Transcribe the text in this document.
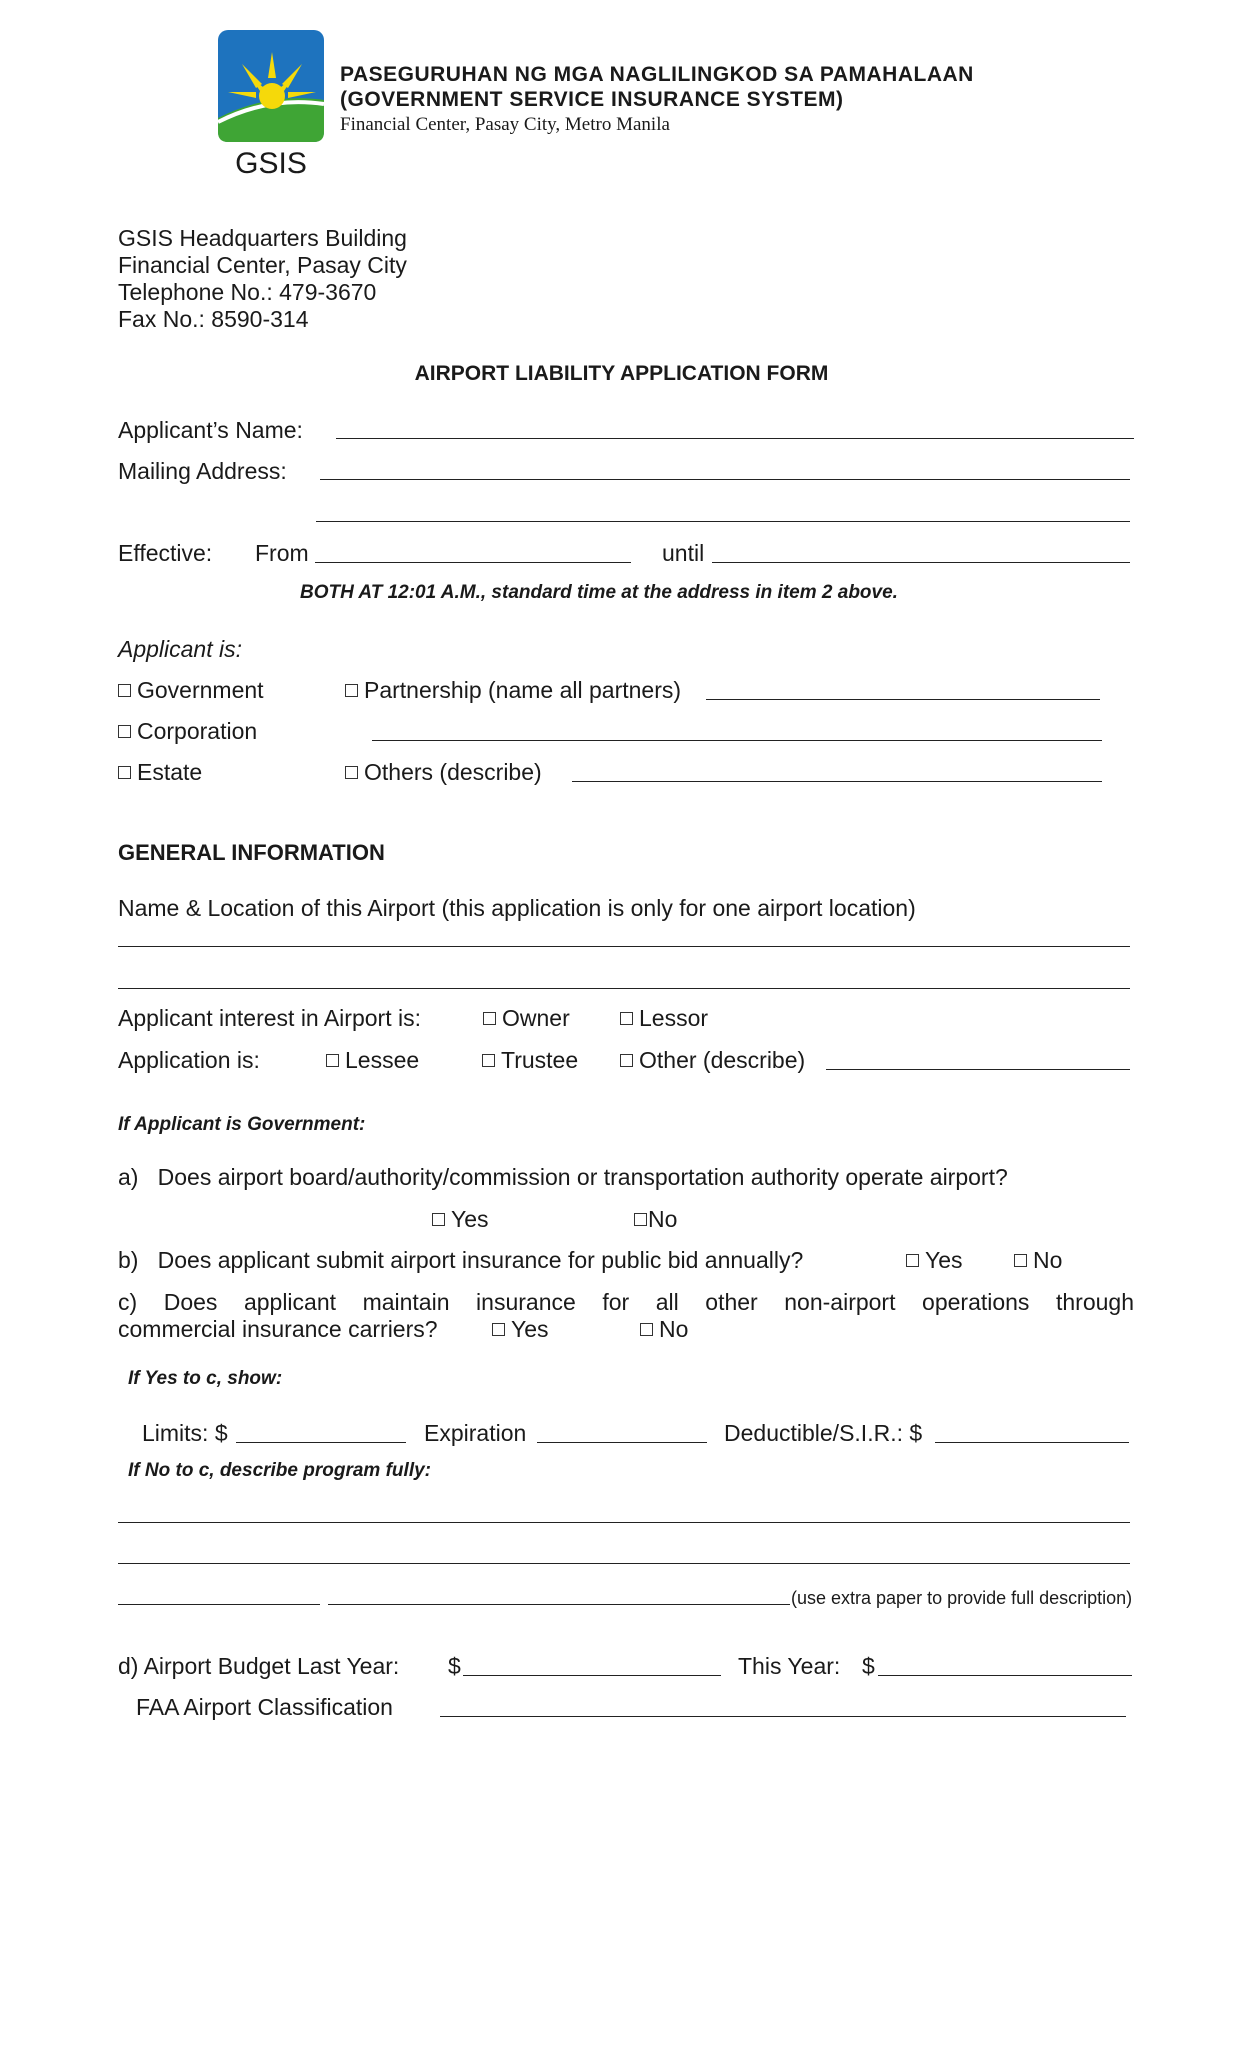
GSIS
PASEGURUHAN NG MGA NAGLILINGKOD SA PAMAHALAAN
(GOVERNMENT SERVICE INSURANCE SYSTEM)
Financial Center, Pasay City, Metro Manila
GSIS Headquarters Building
Financial Center, Pasay City
Telephone No.: 479-3670
Fax No.: 8590-314
AIRPORT LIABILITY APPLICATION FORM
Applicant’s Name:
Mailing Address:
Effective: From	until
BOTH AT 12:01 A.M., standard time at the address in item 2 above.
Applicant is:
Government	Partnership (name all partners)
Corporation
Estate	Others (describe)
GENERAL INFORMATION
Name & Location of this Airport (this application is only for one airport location)
Applicant interest in Airport is:	Owner	Lessor
Application is:	Lessee	Trustee	Other (describe)
If Applicant is Government:
a)   Does airport board/authority/commission or transportation authority operate airport?
Yes	No
b)   Does applicant submit airport insurance for public bid annually?	Yes	No
c) Does applicant maintain insurance for all other non-airport operations through
commercial insurance carriers?	Yes	No
If Yes to c, show:
Limits: $	Expiration	Deductible/S.I.R.: $
If No to c, describe program fully:
(use extra paper to provide full description)
d) Airport Budget Last Year: $	This Year: $
FAA Airport Classification
